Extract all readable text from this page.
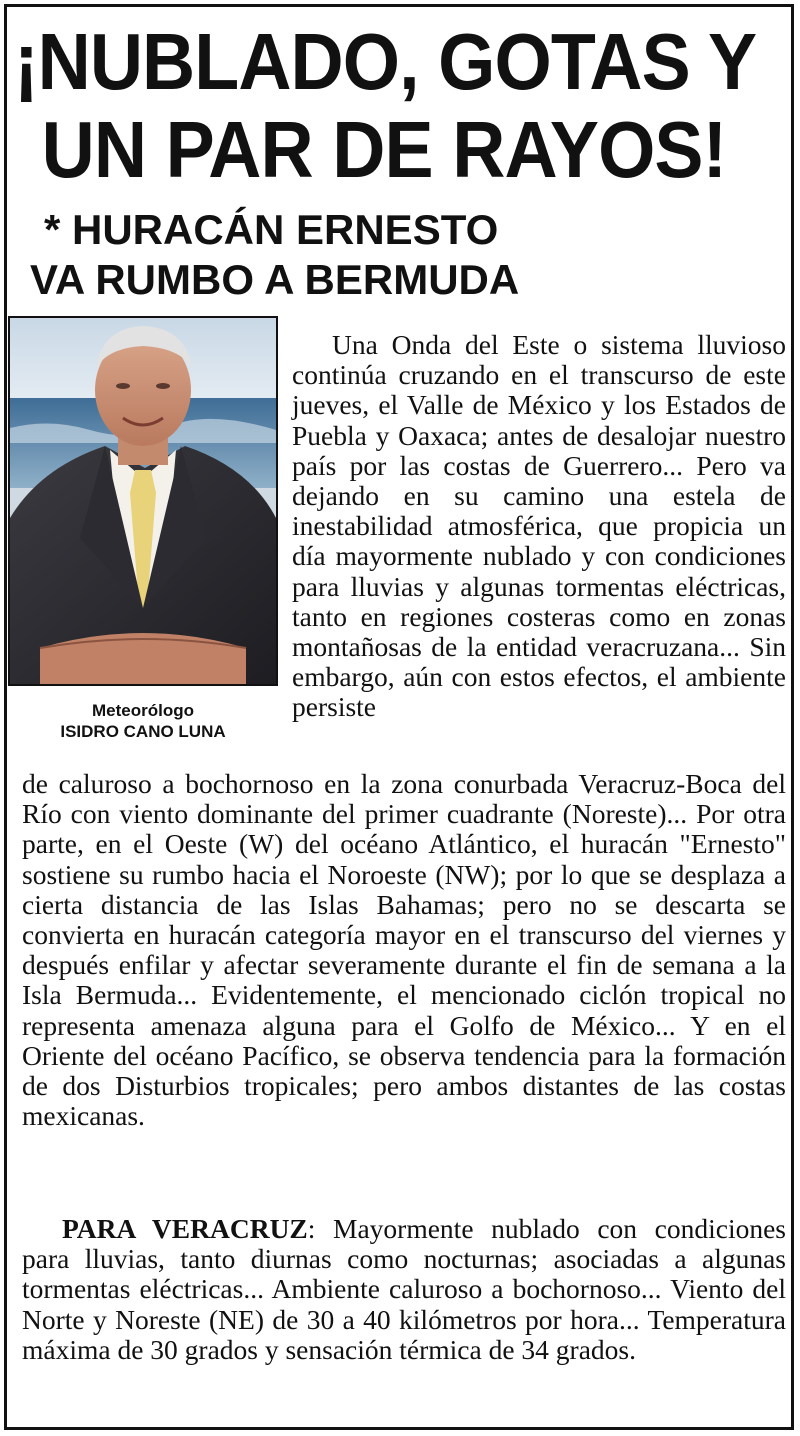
¡NUBLADO, GOTAS Y
UN PAR DE RAYOS!
* HURACÁN ERNESTO
VA RUMBO A BERMUDA
Meteorólogo
ISIDRO CANO LUNA

Una Onda del Este o sistema lluvioso continúa cruzando en el transcurso de este jueves, el Valle de México y los Estados de Puebla y Oaxaca; antes de desalojar nuestro país por las costas de Guerrero... Pero va dejando en su camino una estela de inestabilidad atmosférica, que propicia un día mayormente nublado y con condiciones para lluvias y algunas tormentas eléctricas, tanto en regiones costeras como en zonas montañosas de la entidad veracruzana... Sin embargo, aún con estos efectos, el ambiente persiste

de caluroso a bochornoso en la zona conurbada Veracruz-Boca del Río con viento dominante del primer cuadrante (Noreste)... Por otra parte, en el Oeste (W) del océano Atlántico, el huracán "Ernesto" sostiene su rumbo hacia el Noroeste (NW); por lo que se desplaza a cierta distancia de las Islas Bahamas; pero no se descarta se convierta en huracán categoría mayor en el transcurso del viernes y después enfilar y afectar severamente durante el fin de semana a la Isla Bermuda... Evidentemente, el mencionado ciclón tropical no representa amenaza alguna para el Golfo de México... Y en el Oriente del océano Pacífico, se observa tendencia para la formación de dos Disturbios tropicales; pero ambos distantes de las costas mexicanas.

PARA VERACRUZ: Mayormente nublado con condiciones para lluvias, tanto diurnas como nocturnas; asociadas a algunas tormentas eléctricas... Ambiente caluroso a bochornoso... Viento del Norte y Noreste (NE) de 30 a 40 kilómetros por hora... Temperatura máxima de 30 grados y sensación térmica de 34 grados.
